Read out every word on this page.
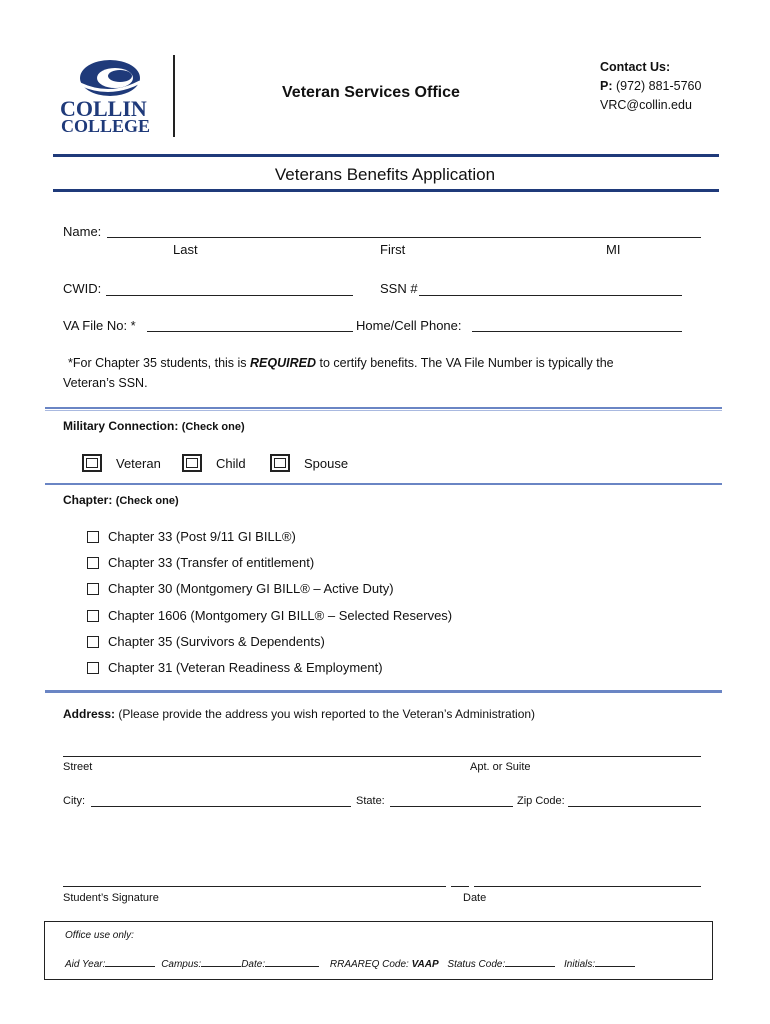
COLLIN
COLLEGE
Veteran Services Office
Contact Us:
P: (972) 881-5760
VRC@collin.edu
Veterans Benefits Application
Name:
Last	First	MI
CWID:	SSN #
VA File No: *	Home/Cell Phone:
*For Chapter 35 students, this is REQUIRED to certify benefits. The VA File Number is typically the
Veteran’s SSN.
Military Connection: (Check one)
Veteran	Child	Spouse
Chapter: (Check one)
Chapter 33 (Post 9/11 GI BILL®)
Chapter 33 (Transfer of entitlement)
Chapter 30 (Montgomery GI BILL® – Active Duty)
Chapter 1606 (Montgomery GI BILL® – Selected Reserves)
Chapter 35 (Survivors & Dependents)
Chapter 31 (Veteran Readiness & Employment)
Address: (Please provide the address you wish reported to the Veteran’s Administration)
Street	Apt. or Suite
City:	State:	Zip Code:
Student’s Signature	Date
Office use only:
Aid Year:	Campus:	Date:	RRAAREQ Code: VAAP Status Code:	Initials:
